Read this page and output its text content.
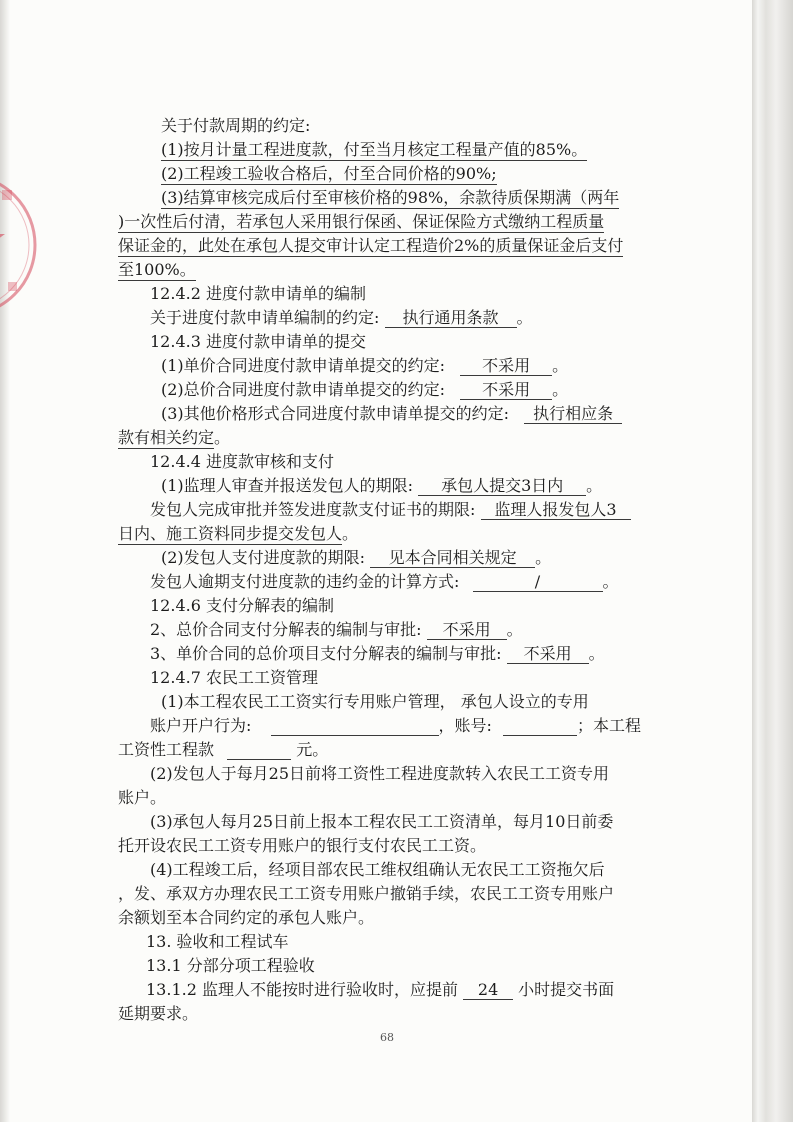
关于付款周期的约定:
(1)按月计量工程进度款，付至当月核定工程量产值的85%。
(2)工程竣工验收合格后，付至合同价格的90%;
(3)结算审核完成后付至审核价格的98%，余款待质保期满（两年
)一次性后付清，若承包人采用银行保函、保证保险方式缴纳工程质量
保证金的，此处在承包人提交审计认定工程造价2%的质量保证金后支付
至100%。
12.4.2 进度付款申请单的编制
关于进度付款申请单编制的约定: 执行通用条款 。
12.4.3 进度付款申请单的提交
(1)单价合同进度付款申请单提交的约定: 不采用 。
(2)总价合同进度付款申请单提交的约定: 不采用 。
(3)其他价格形式合同进度付款申请单提交的约定: 执行相应条
款有相关约定。
12.4.4 进度款审核和支付
(1)监理人审查并报送发包人的期限: 承包人提交3日内 。
发包人完成审批并签发进度款支付证书的期限: 监理人报发包人3
日内、施工资料同步提交发包人。
(2)发包人支付进度款的期限: 见本合同相关规定 。
发包人逾期支付进度款的违约金的计算方式:	/	。
12.4.6 支付分解表的编制
2、总价合同支付分解表的编制与审批: 不采用 。
3、单价合同的总价项目支付分解表的编制与审批: 不采用 。
12.4.7 农民工工资管理
(1)本工程农民工工资实行专用账户管理， 承包人设立的专用
账户开户行为:	，账号:	；本工程
工资性工程款	元。
(2)发包人于每月25日前将工资性工程进度款转入农民工工资专用
账户。
(3)承包人每月25日前上报本工程农民工工资清单，每月10日前委
托开设农民工工资专用账户的银行支付农民工工资。
(4)工程竣工后，经项目部农民工维权组确认无农民工工资拖欠后
，发、承双方办理农民工工资专用账户撤销手续，农民工工资专用账户
余额划至本合同约定的承包人账户。
13. 验收和工程试车
13.1 分部分项工程验收
13.1.2 监理人不能按时进行验收时，应提前 24 小时提交书面
延期要求。
68
